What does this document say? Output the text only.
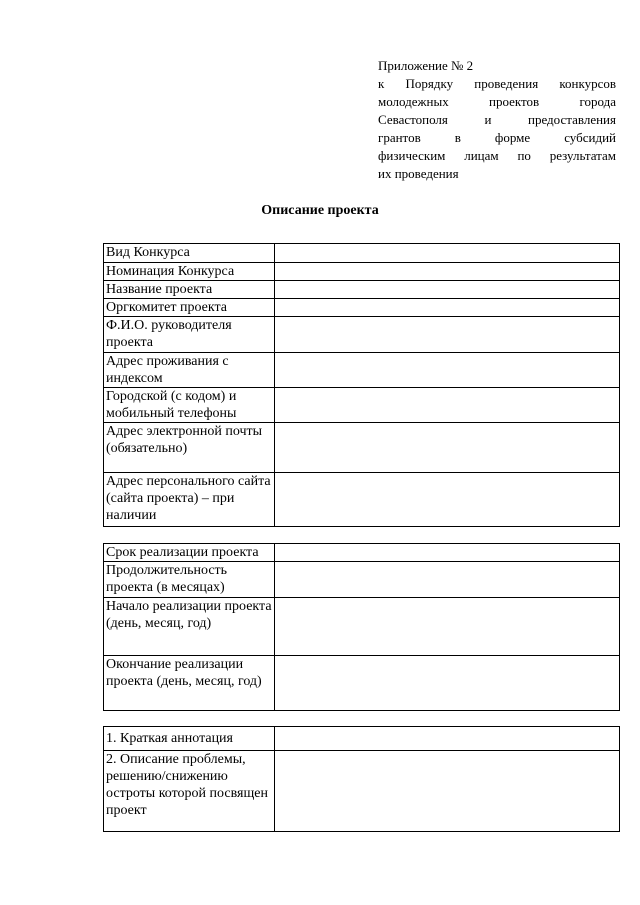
Приложение № 2
к Порядку проведения конкурсов
молодежных проектов города
Севастополя и предоставления
грантов в форме субсидий
физическим лицам по результатам
их проведения
Описание проекта
Вид Конкурса	
Номинация Конкурса	
Название проекта	
Оргкомитет проекта	
Ф.И.О. руководителя проекта	
Адрес проживания с индексом	
Городской (с кодом) и мобильный телефоны	
Адрес электронной почты (обязательно)	
Адрес персонального сайта (сайта проекта) – при наличии	
Срок реализации проекта	
Продолжительность проекта (в месяцах)	
Начало реализации проекта (день, месяц, год)	
Окончание реализации проекта (день, месяц, год)	
1. Краткая аннотация	
2. Описание проблемы, решению/снижению остроты которой посвящен проект	
